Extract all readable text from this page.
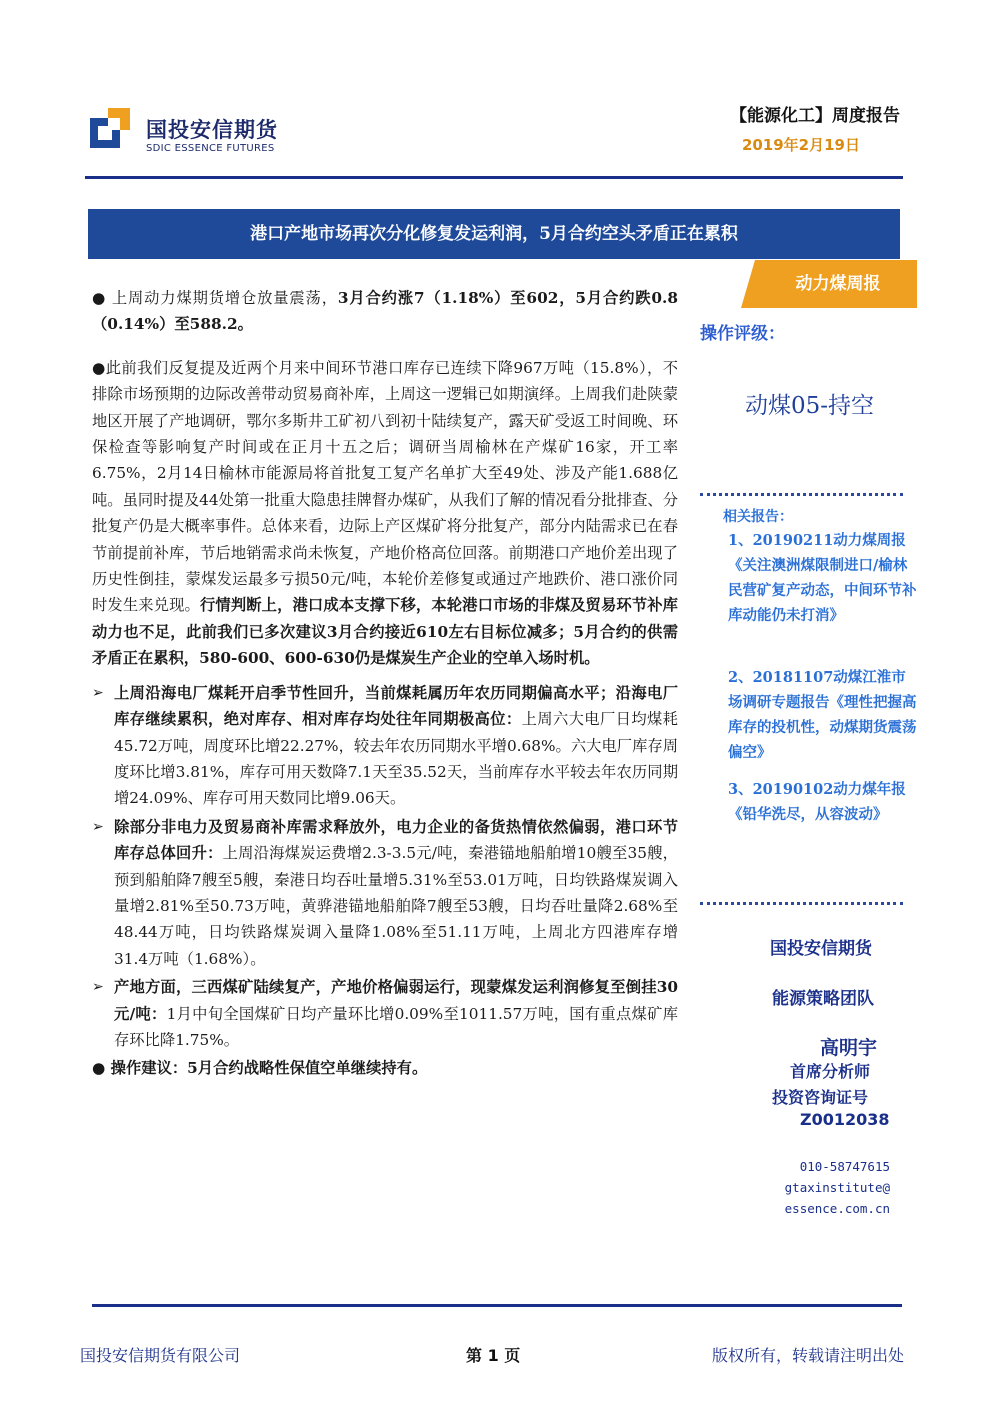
国投安信期货
SDIC ESSENCE FUTURES
【能源化工】周度报告
2019年2月19日
港口产地市场再次分化修复发运利润，5月合约空头矛盾正在累积
动力煤周报
操作评级：
动煤05-持空
相关报告：
1、20190211动力煤周报
《关注澳洲煤限制进口/榆林民营矿复产动态，中间环节补库动能仍未打消》
2、20181107动煤江淮市
场调研专题报告《理性把握高库存的投机性，动煤期货震荡偏空》
3、20190102动力煤年报
《铅华洗尽，从容波动》
国投安信期货
能源策略团队
高明宇
首席分析师
投资咨询证号
Z0012038
010-58747615
gtaxinstitute@
essence.com.cn

● 上周动力煤期货增仓放量震荡，3月合约涨7（1.18%）至602，5月合约跌0.8（0.14%）至588.2。

●此前我们反复提及近两个月来中间环节港口库存已连续下降967万吨（15.8%），不排除市场预期的边际改善带动贸易商补库，上周这一逻辑已如期演绎。上周我们赴陕蒙地区开展了产地调研，鄂尔多斯井工矿初八到初十陆续复产，露天矿受返工时间晚、环保检查等影响复产时间或在正月十五之后；调研当周榆林在产煤矿16家，开工率6.75%，2月14日榆林市能源局将首批复工复产名单扩大至49处、涉及产能1.688亿吨。虽同时提及44处第一批重大隐患挂牌督办煤矿，从我们了解的情况看分批排查、分批复产仍是大概率事件。总体来看，边际上产区煤矿将分批复产，部分内陆需求已在春节前提前补库，节后地销需求尚未恢复，产地价格高位回落。前期港口产地价差出现了历史性倒挂，蒙煤发运最多亏损50元/吨，本轮价差修复或通过产地跌价、港口涨价同时发生来兑现。行情判断上，港口成本支撑下移，本轮港口市场的非煤及贸易环节补库动力也不足，此前我们已多次建议3月合约接近610左右目标位减多；5月合约的供需矛盾正在累积，580-600、600-630仍是煤炭生产企业的空单入场时机。

➢ 上周沿海电厂煤耗开启季节性回升，当前煤耗属历年农历同期偏高水平；沿海电厂库存继续累积，绝对库存、相对库存均处往年同期极高位：上周六大电厂日均煤耗45.72万吨，周度环比增22.27%，较去年农历同期水平增0.68%。六大电厂库存周度环比增3.81%，库存可用天数降7.1天至35.52天，当前库存水平较去年农历同期增24.09%、库存可用天数同比增9.06天。
➢ 除部分非电力及贸易商补库需求释放外，电力企业的备货热情依然偏弱，港口环节库存总体回升：上周沿海煤炭运费增2.3-3.5元/吨，秦港锚地船舶增10艘至35艘，预到船舶降7艘至5艘，秦港日均吞吐量增5.31%至53.01万吨，日均铁路煤炭调入量增2.81%至50.73万吨，黄骅港锚地船舶降7艘至53艘，日均吞吐量降2.68%至48.44万吨，日均铁路煤炭调入量降1.08%至51.11万吨，上周北方四港库存增31.4万吨（1.68%）。
➢ 产地方面，三西煤矿陆续复产，产地价格偏弱运行，现蒙煤发运利润修复至倒挂30元/吨：1月中旬全国煤矿日均产量环比增0.09%至1011.57万吨，国有重点煤矿库存环比降1.75%。

● 操作建议：5月合约战略性保值空单继续持有。

国投安信期货有限公司	第 1 页	版权所有，转载请注明出处
